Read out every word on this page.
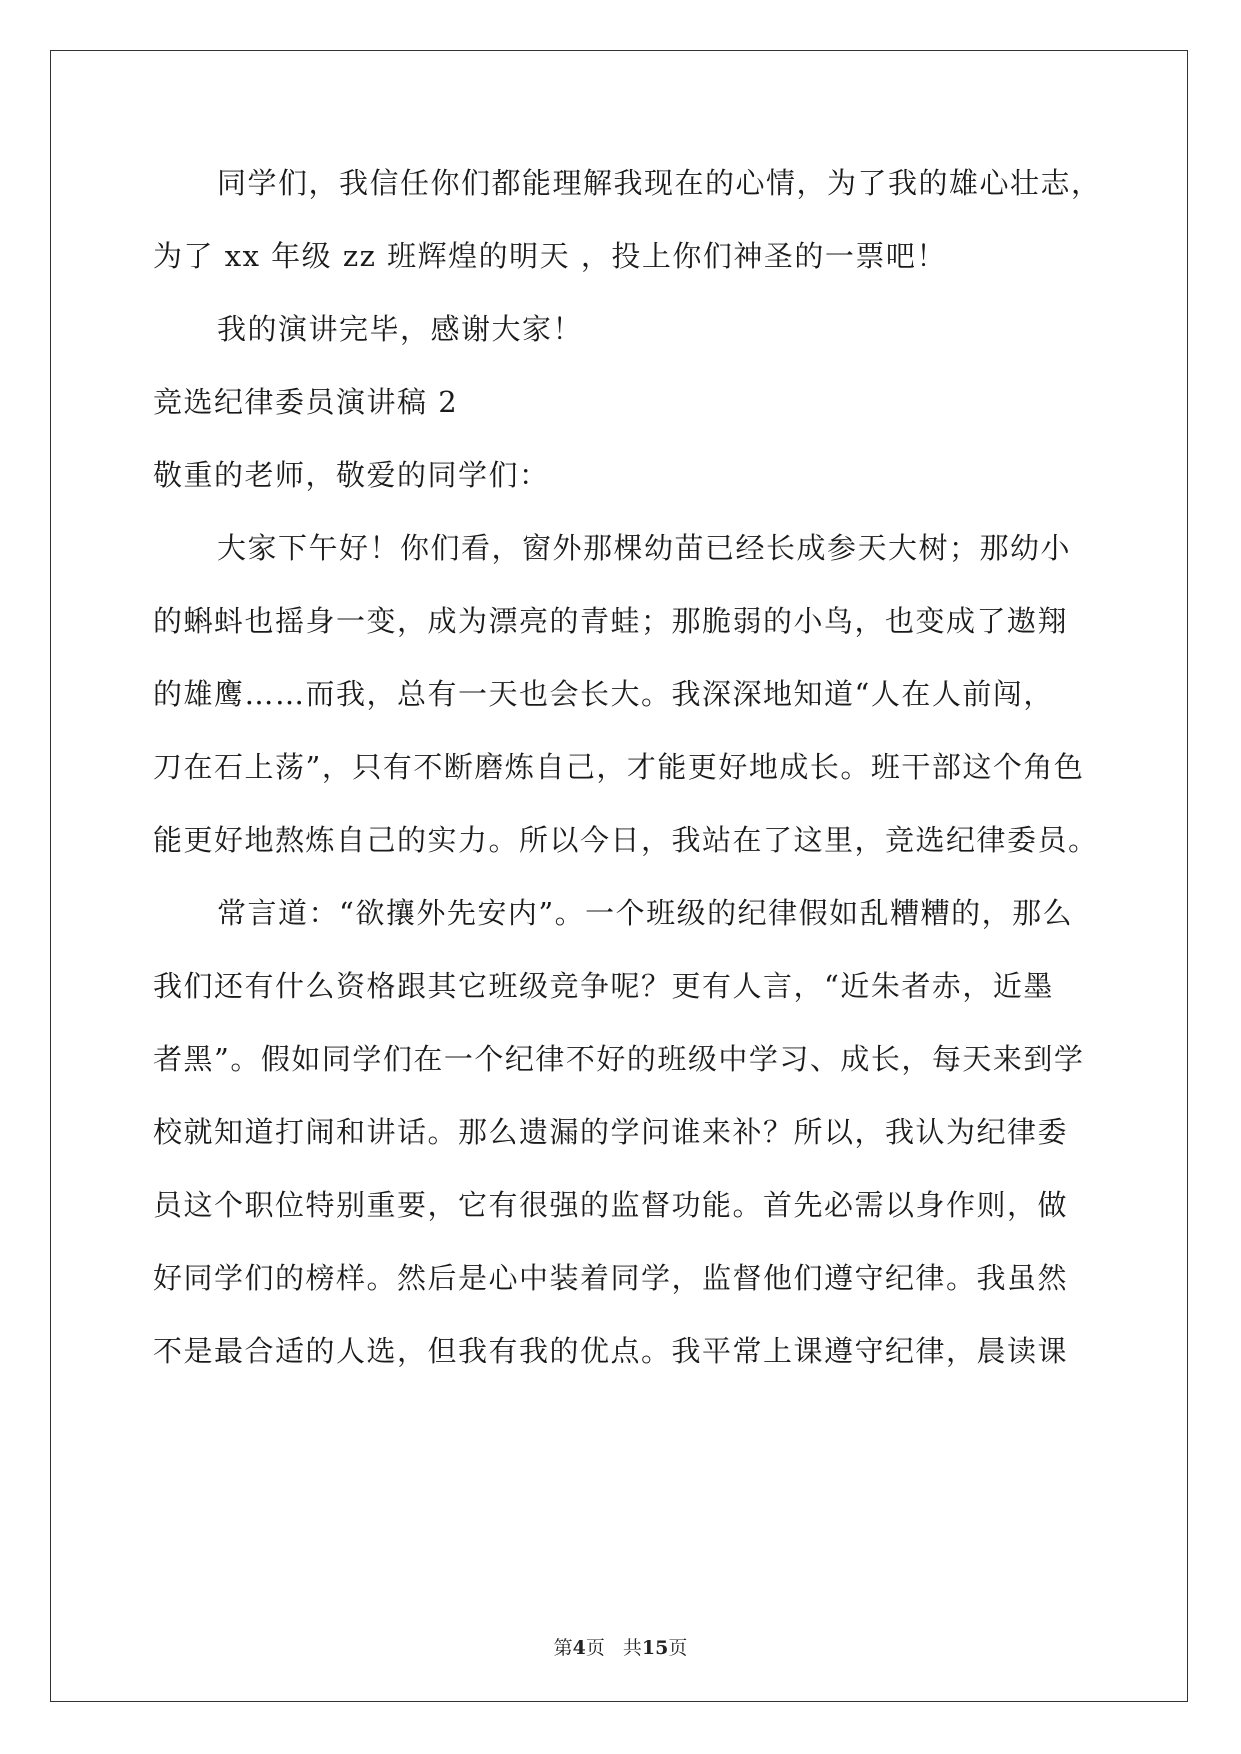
同学们，我信任你们都能理解我现在的心情，为了我的雄心壮志，
为了 xx 年级 zz 班辉煌的明天 ，投上你们神圣的一票吧！
我的演讲完毕，感谢大家！
竞选纪律委员演讲稿 2
敬重的老师，敬爱的同学们：
大家下午好！你们看，窗外那棵幼苗已经长成参天大树；那幼小
的蝌蚪也摇身一变，成为漂亮的青蛙；那脆弱的小鸟，也变成了遨翔
的雄鹰……而我，总有一天也会长大。我深深地知道“人在人前闯，
刀在石上荡”，只有不断磨炼自己，才能更好地成长。班干部这个角色
能更好地熬炼自己的实力。所以今日，我站在了这里，竞选纪律委员。
常言道：“欲攘外先安内”。一个班级的纪律假如乱糟糟的，那么
我们还有什么资格跟其它班级竞争呢？更有人言，“近朱者赤，近墨
者黑”。假如同学们在一个纪律不好的班级中学习、成长，每天来到学
校就知道打闹和讲话。那么遗漏的学问谁来补？所以，我认为纪律委
员这个职位特别重要，它有很强的监督功能。首先必需以身作则，做
好同学们的榜样。然后是心中装着同学，监督他们遵守纪律。我虽然
不是最合适的人选，但我有我的优点。我平常上课遵守纪律，晨读课
第4页 共15页
